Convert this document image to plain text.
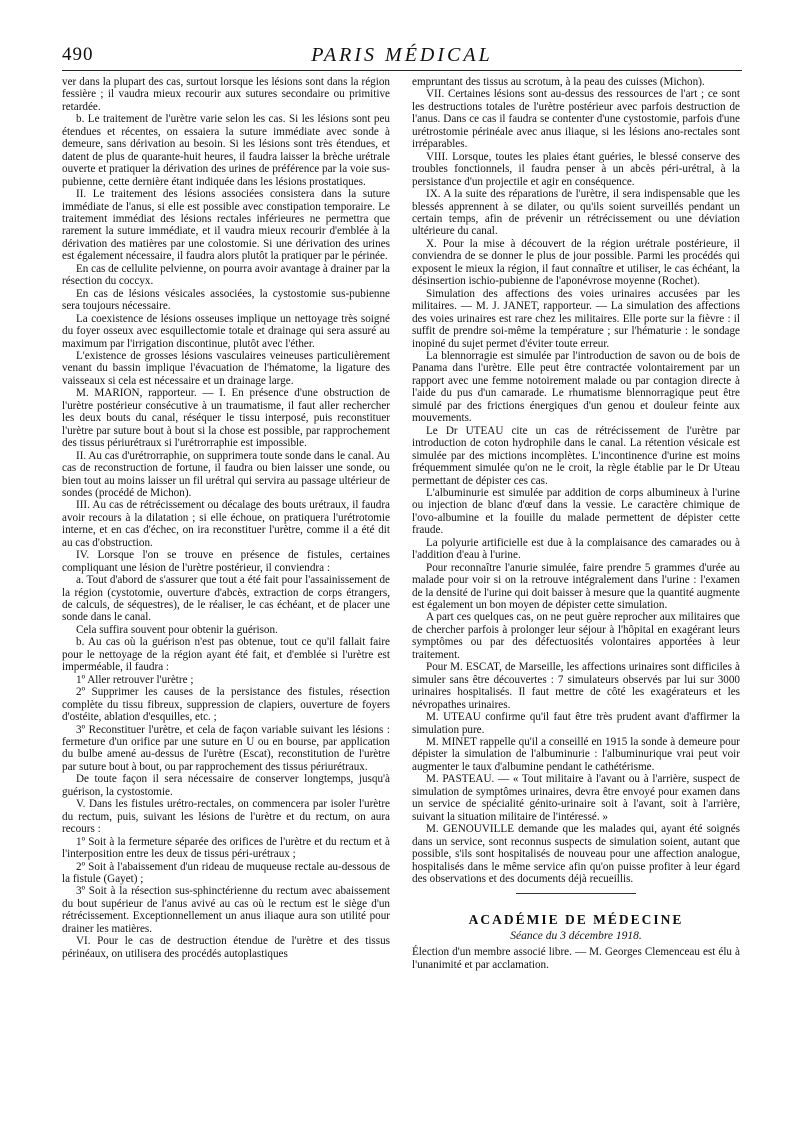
490	PARIS MÉDICAL

ver dans la plupart des cas, surtout lorsque les lésions sont dans la région fessière ; il vaudra mieux recourir aux sutures secondaire ou primitive retardée.

b. Le traitement de l'urètre varie selon les cas. Si les lésions sont peu étendues et récentes, on essaiera la suture immédiate avec sonde à demeure, sans dérivation au besoin. Si les lésions sont très étendues, et datent de plus de quarante-huit heures, il faudra laisser la brèche urétrale ouverte et pratiquer la dérivation des urines de préférence par la voie sus-pubienne, cette dernière étant indiquée dans les lésions prostatiques.

II. Le traitement des lésions associées consistera dans la suture immédiate de l'anus, si elle est possible avec constipation temporaire. Le traitement immédiat des lésions rectales inférieures ne permettra que rarement la suture immédiate, et il vaudra mieux recourir d'emblée à la dérivation des matières par une colostomie. Si une dérivation des urines est également nécessaire, il faudra alors plutôt la pratiquer par le périnée.

En cas de cellulite pelvienne, on pourra avoir avantage à drainer par la résection du coccyx.

En cas de lésions vésicales associées, la cystostomie sus-pubienne sera toujours nécessaire.

La coexistence de lésions osseuses implique un nettoyage très soigné du foyer osseux avec esquillectomie totale et drainage qui sera assuré au maximum par l'irrigation discontinue, plutôt avec l'éther.

L'existence de grosses lésions vasculaires veineuses particulièrement venant du bassin implique l'évacuation de l'hématome, la ligature des vaisseaux si cela est nécessaire et un drainage large.

M. MARION, rapporteur. — I. En présence d'une obstruction de l'urètre postérieur consécutive à un traumatisme, il faut aller rechercher les deux bouts du canal, réséquer le tissu interposé, puis reconstituer l'urètre par suture bout à bout si la chose est possible, par rapprochement des tissus périurétraux si l'urétrorraphie est impossible.

II. Au cas d'urétrorraphie, on supprimera toute sonde dans le canal. Au cas de reconstruction de fortune, il faudra ou bien laisser une sonde, ou bien tout au moins laisser un fil urétral qui servira au passage ultérieur de sondes (procédé de Michon).

III. Au cas de rétrécissement ou décalage des bouts urétraux, il faudra avoir recours à la dilatation ; si elle échoue, on pratiquera l'urétrotomie interne, et en cas d'échec, on ira reconstituer l'urètre, comme il a été dit au cas d'obstruction.

IV. Lorsque l'on se trouve en présence de fistules, certaines compliquant une lésion de l'urètre postérieur, il conviendra :

a. Tout d'abord de s'assurer que tout a été fait pour l'assainissement de la région (cystotomie, ouverture d'abcès, extraction de corps étrangers, de calculs, de séquestres), de le réaliser, le cas échéant, et de placer une sonde dans le canal.

Cela suffira souvent pour obtenir la guérison.

b. Au cas où la guérison n'est pas obtenue, tout ce qu'il fallait faire pour le nettoyage de la région ayant été fait, et d'emblée si l'urètre est imperméable, il faudra :

1º Aller retrouver l'urètre ;

2º Supprimer les causes de la persistance des fistules, résection complète du tissu fibreux, suppression de clapiers, ouverture de foyers d'ostéite, ablation d'esquilles, etc. ;

3º Reconstituer l'urètre, et cela de façon variable suivant les lésions : fermeture d'un orifice par une suture en U ou en bourse, par application du bulbe amené au-dessus de l'urètre (Escat), reconstitution de l'urètre par suture bout à bout, ou par rapprochement des tissus périurétraux.

De toute façon il sera nécessaire de conserver longtemps, jusqu'à guérison, la cystostomie.

V. Dans les fistules urétro-rectales, on commencera par isoler l'urètre du rectum, puis, suivant les lésions de l'urètre et du rectum, on aura recours :

1º Soit à la fermeture séparée des orifices de l'urètre et du rectum et à l'interposition entre les deux de tissus péri-urétraux ;

2º Soit à l'abaissement d'un rideau de muqueuse rectale au-dessous de la fistule (Gayet) ;

3º Soit à la résection sus-sphinctérienne du rectum avec abaissement du bout supérieur de l'anus avivé au cas où le rectum est le siège d'un rétrécissement. Exceptionnellement un anus iliaque aura son utilité pour drainer les matières.

VI. Pour le cas de destruction étendue de l'urètre et des tissus périnéaux, on utilisera des procédés autoplastiques

empruntant des tissus au scrotum, à la peau des cuisses (Michon).

VII. Certaines lésions sont au-dessus des ressources de l'art ; ce sont les destructions totales de l'urètre postérieur avec parfois destruction de l'anus. Dans ce cas il faudra se contenter d'une cystostomie, parfois d'une urétrostomie périnéale avec anus iliaque, si les lésions ano-rectales sont irréparables.

VIII. Lorsque, toutes les plaies étant guéries, le blessé conserve des troubles fonctionnels, il faudra penser à un abcès péri-urétral, à la persistance d'un projectile et agir en conséquence.

IX. A la suite des réparations de l'urètre, il sera indispensable que les blessés apprennent à se dilater, ou qu'ils soient surveillés pendant un certain temps, afin de prévenir un rétrécissement ou une déviation ultérieure du canal.

X. Pour la mise à découvert de la région urétrale postérieure, il conviendra de se donner le plus de jour possible. Parmi les procédés qui exposent le mieux la région, il faut connaître et utiliser, le cas échéant, la désinsertion ischio-pubienne de l'aponévrose moyenne (Rochet).

Simulation des affections des voies urinaires accusées par les militaires. — M. J. JANET, rapporteur. — La simulation des affections des voies urinaires est rare chez les militaires. Elle porte sur la fièvre : il suffit de prendre soi-même la température ; sur l'hématurie : le sondage inopiné du sujet permet d'éviter toute erreur.

La blennorragie est simulée par l'introduction de savon ou de bois de Panama dans l'urètre. Elle peut être contractée volontairement par un rapport avec une femme notoirement malade ou par contagion directe à l'aide du pus d'un camarade. Le rhumatisme blennorragique peut être simulé par des frictions énergiques d'un genou et douleur feinte aux mouvements.

Le Dr UTEAU cite un cas de rétrécissement de l'urètre par introduction de coton hydrophile dans le canal. La rétention vésicale est simulée par des mictions incomplètes. L'incontinence d'urine est moins fréquemment simulée qu'on ne le croit, la règle établie par le Dr Uteau permettant de dépister ces cas.

L'albuminurie est simulée par addition de corps albumineux à l'urine ou injection de blanc d'œuf dans la vessie. Le caractère chimique de l'ovo-albumine et la fouille du malade permettent de dépister cette fraude.

La polyurie artificielle est due à la complaisance des camarades ou à l'addition d'eau à l'urine.

Pour reconnaître l'anurie simulée, faire prendre 5 grammes d'urée au malade pour voir si on la retrouve intégralement dans l'urine : l'examen de la densité de l'urine qui doit baisser à mesure que la quantité augmente est également un bon moyen de dépister cette simulation.

A part ces quelques cas, on ne peut guère reprocher aux militaires que de chercher parfois à prolonger leur séjour à l'hôpital en exagérant leurs symptômes ou par des défectuosités volontaires apportées à leur traitement.

Pour M. ESCAT, de Marseille, les affections urinaires sont difficiles à simuler sans être découvertes : 7 simulateurs observés par lui sur 3000 urinaires hospitalisés. Il faut mettre de côté les exagérateurs et les névropathes urinaires.

M. UTEAU confirme qu'il faut être très prudent avant d'affirmer la simulation pure.

M. MINET rappelle qu'il a conseillé en 1915 la sonde à demeure pour dépister la simulation de l'albuminurie : l'albuminurique vrai peut voir augmenter le taux d'albumine pendant le cathétérisme.

M. PASTEAU. — « Tout militaire à l'avant ou à l'arrière, suspect de simulation de symptômes urinaires, devra être envoyé pour examen dans un service de spécialité génito-urinaire soit à l'avant, soit à l'arrière, suivant la situation militaire de l'intéressé. »

M. GENOUVILLE demande que les malades qui, ayant été soignés dans un service, sont reconnus suspects de simulation soient, autant que possible, s'ils sont hospitalisés de nouveau pour une affection analogue, hospitalisés dans le même service afin qu'on puisse profiter à leur égard des observations et des documents déjà recueillis.

ACADÉMIE DE MÉDECINE
Séance du 3 décembre 1918.

Élection d'un membre associé libre. — M. Georges Clemenceau est élu à l'unanimité et par acclamation.
